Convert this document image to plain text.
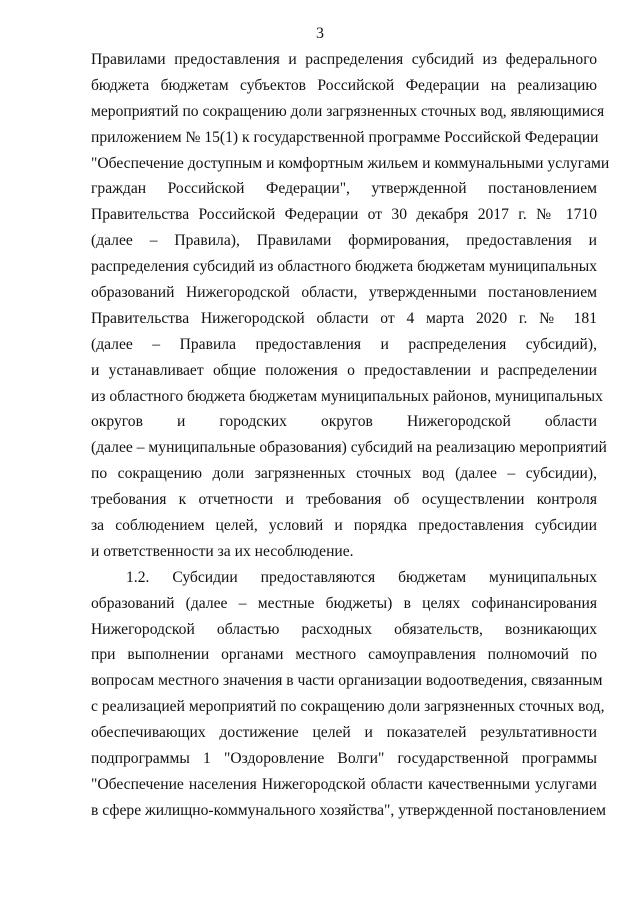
3
Правилами предоставления и распределения субсидий из федерального
бюджета бюджетам субъектов Российской Федерации на реализацию
мероприятий по сокращению доли загрязненных сточных вод, являющимися
приложением № 15(1) к государственной программе Российской Федерации
"Обеспечение доступным и комфортным жильем и коммунальными услугами
граждан Российской Федерации", утвержденной постановлением
Правительства Российской Федерации от 30 декабря 2017 г. № 1710
(далее – Правила), Правилами формирования, предоставления и
распределения субсидий из областного бюджета бюджетам муниципальных
образований Нижегородской области, утвержденными постановлением
Правительства Нижегородской области от 4 марта 2020 г. № 181
(далее – Правила предоставления и распределения субсидий),
и устанавливает общие положения о предоставлении и распределении
из областного бюджета бюджетам муниципальных районов, муниципальных
округов и городских округов Нижегородской области
(далее – муниципальные образования) субсидий на реализацию мероприятий
по сокращению доли загрязненных сточных вод (далее – субсидии),
требования к отчетности и требования об осуществлении контроля
за соблюдением целей, условий и порядка предоставления субсидии
и ответственности за их несоблюдение.
1.2. Субсидии предоставляются бюджетам муниципальных
образований (далее – местные бюджеты) в целях софинансирования
Нижегородской областью расходных обязательств, возникающих
при выполнении органами местного самоуправления полномочий по
вопросам местного значения в части организации водоотведения, связанным
с реализацией мероприятий по сокращению доли загрязненных сточных вод,
обеспечивающих достижение целей и показателей результативности
подпрограммы 1 "Оздоровление Волги" государственной программы
"Обеспечение населения Нижегородской области качественными услугами
в сфере жилищно-коммунального хозяйства", утвержденной постановлением
